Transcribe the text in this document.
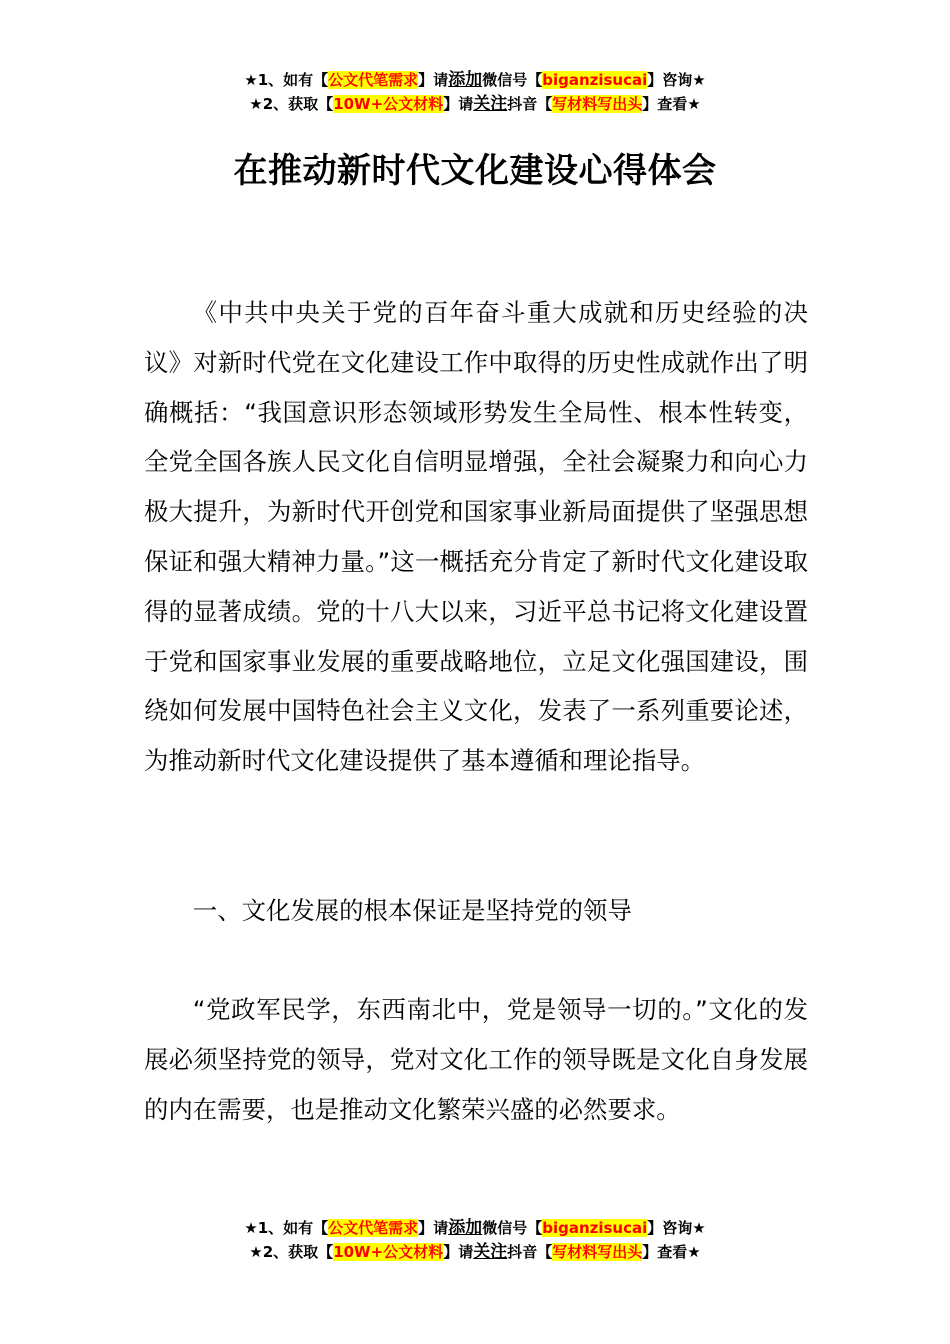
★1、如有【公文代笔需求】请添加微信号【biganzisucai】咨询★
★2、获取【10W+公文材料】请关注抖音【写材料写出头】查看★
在推动新时代文化建设心得体会

《中共中央关于党的百年奋斗重大成就和历史经验的决议》对新时代党在文化建设工作中取得的历史性成就作出了明确概括：“我国意识形态领域形势发生全局性、根本性转变，全党全国各族人民文化自信明显增强，全社会凝聚力和向心力极大提升，为新时代开创党和国家事业新局面提供了坚强思想保证和强大精神力量。”这一概括充分肯定了新时代文化建设取得的显著成绩。党的十八大以来，习近平总书记将文化建设置于党和国家事业发展的重要战略地位，立足文化强国建设，围绕如何发展中国特色社会主义文化，发表了一系列重要论述，为推动新时代文化建设提供了基本遵循和理论指导。

一、文化发展的根本保证是坚持党的领导

“党政军民学，东西南北中，党是领导一切的。”文化的发展必须坚持党的领导，党对文化工作的领导既是文化自身发展的内在需要，也是推动文化繁荣兴盛的必然要求。

★1、如有【公文代笔需求】请添加微信号【biganzisucai】咨询★
★2、获取【10W+公文材料】请关注抖音【写材料写出头】查看★
